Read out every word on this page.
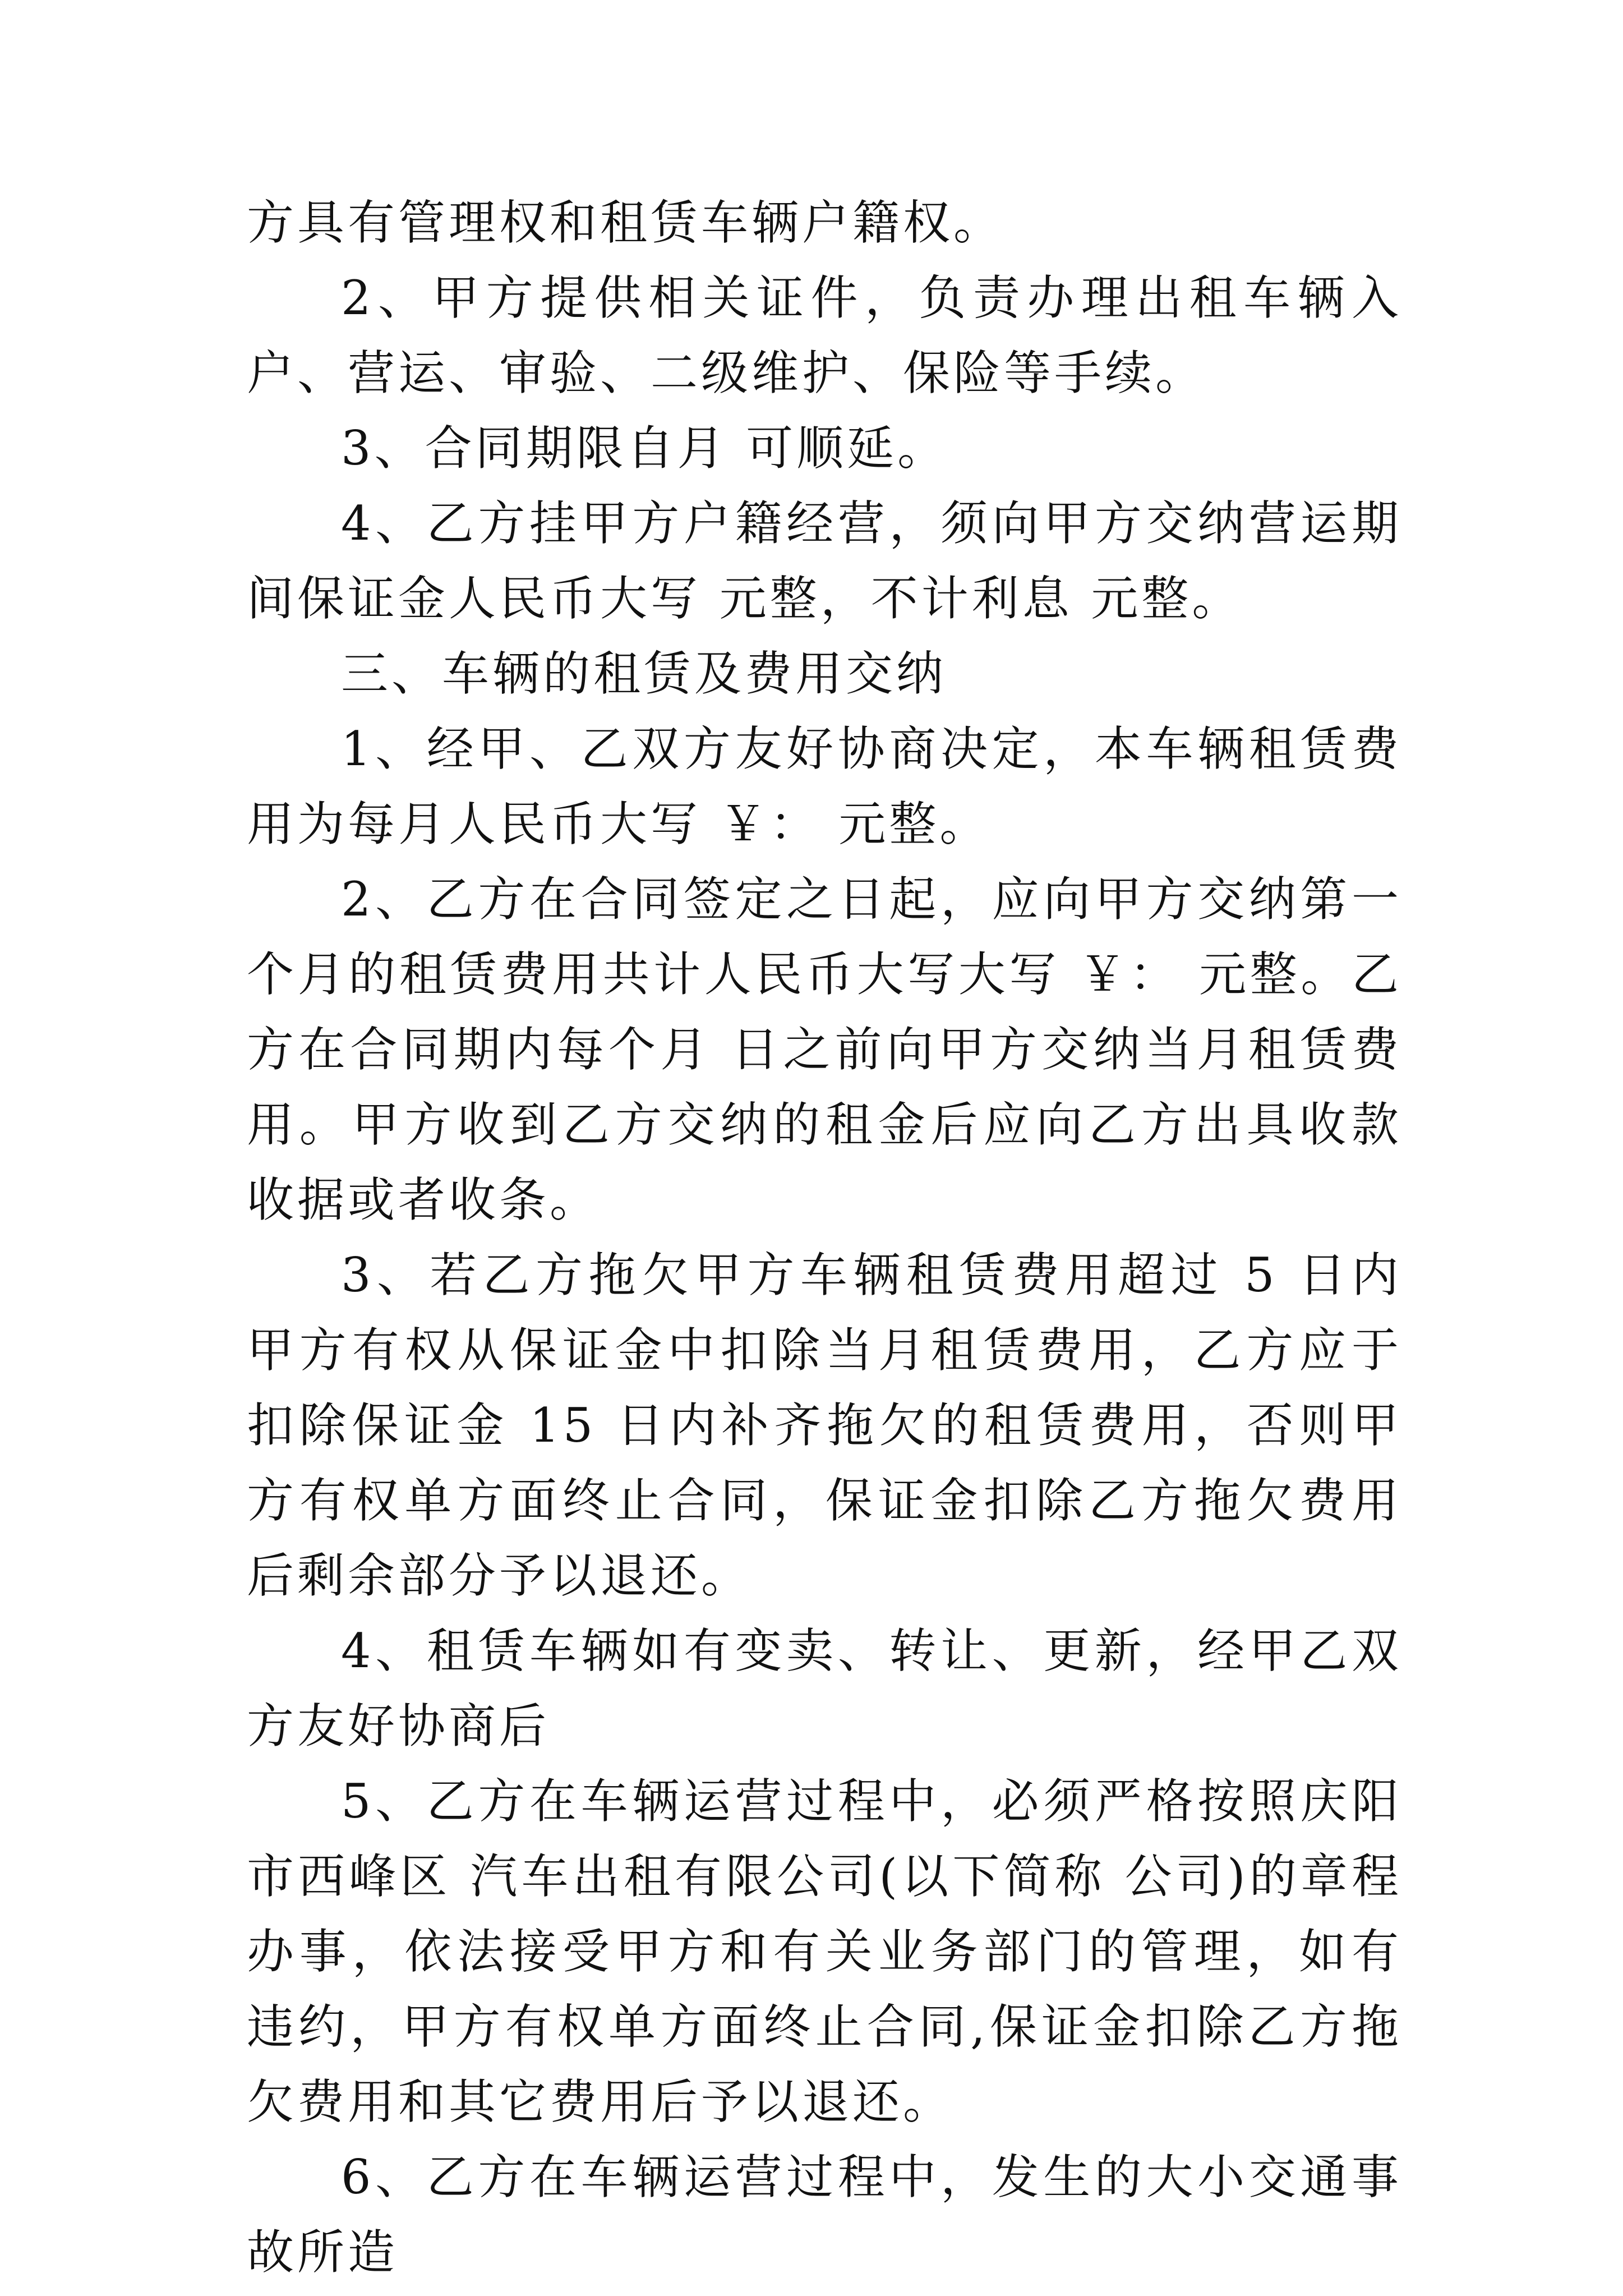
方具有管理权和租赁车辆户籍权。

2、甲方提供相关证件，负责办理出租车辆入户、营运、审验、二级维护、保险等手续。

3、合同期限自月 可顺延。

4、乙方挂甲方户籍经营，须向甲方交纳营运期间保证金人民币大写 元整，不计利息 元整。

三、车辆的租赁及费用交纳

1、经甲、乙双方友好协商决定，本车辆租赁费用为每月人民币大写 ￥： 元整。

2、乙方在合同签定之日起，应向甲方交纳第一个月的租赁费用共计人民币大写大写 ￥： 元整。乙方在合同期内每个月 日之前向甲方交纳当月租赁费用。甲方收到乙方交纳的租金后应向乙方出具收款收据或者收条。

3、若乙方拖欠甲方车辆租赁费用超过 5 日内甲方有权从保证金中扣除当月租赁费用，乙方应于扣除保证金 15 日内补齐拖欠的租赁费用，否则甲方有权单方面终止合同，保证金扣除乙方拖欠费用后剩余部分予以退还。

4、租赁车辆如有变卖、转让、更新，经甲乙双方友好协商后

5、乙方在车辆运营过程中，必须严格按照庆阳市西峰区 汽车出租有限公司(以下简称 公司)的章程办事，依法接受甲方和有关业务部门的管理，如有违约，甲方有权单方面终止合同,保证金扣除乙方拖欠费用和其它费用后予以退还。

6、乙方在车辆运营过程中，发生的大小交通事故所造
